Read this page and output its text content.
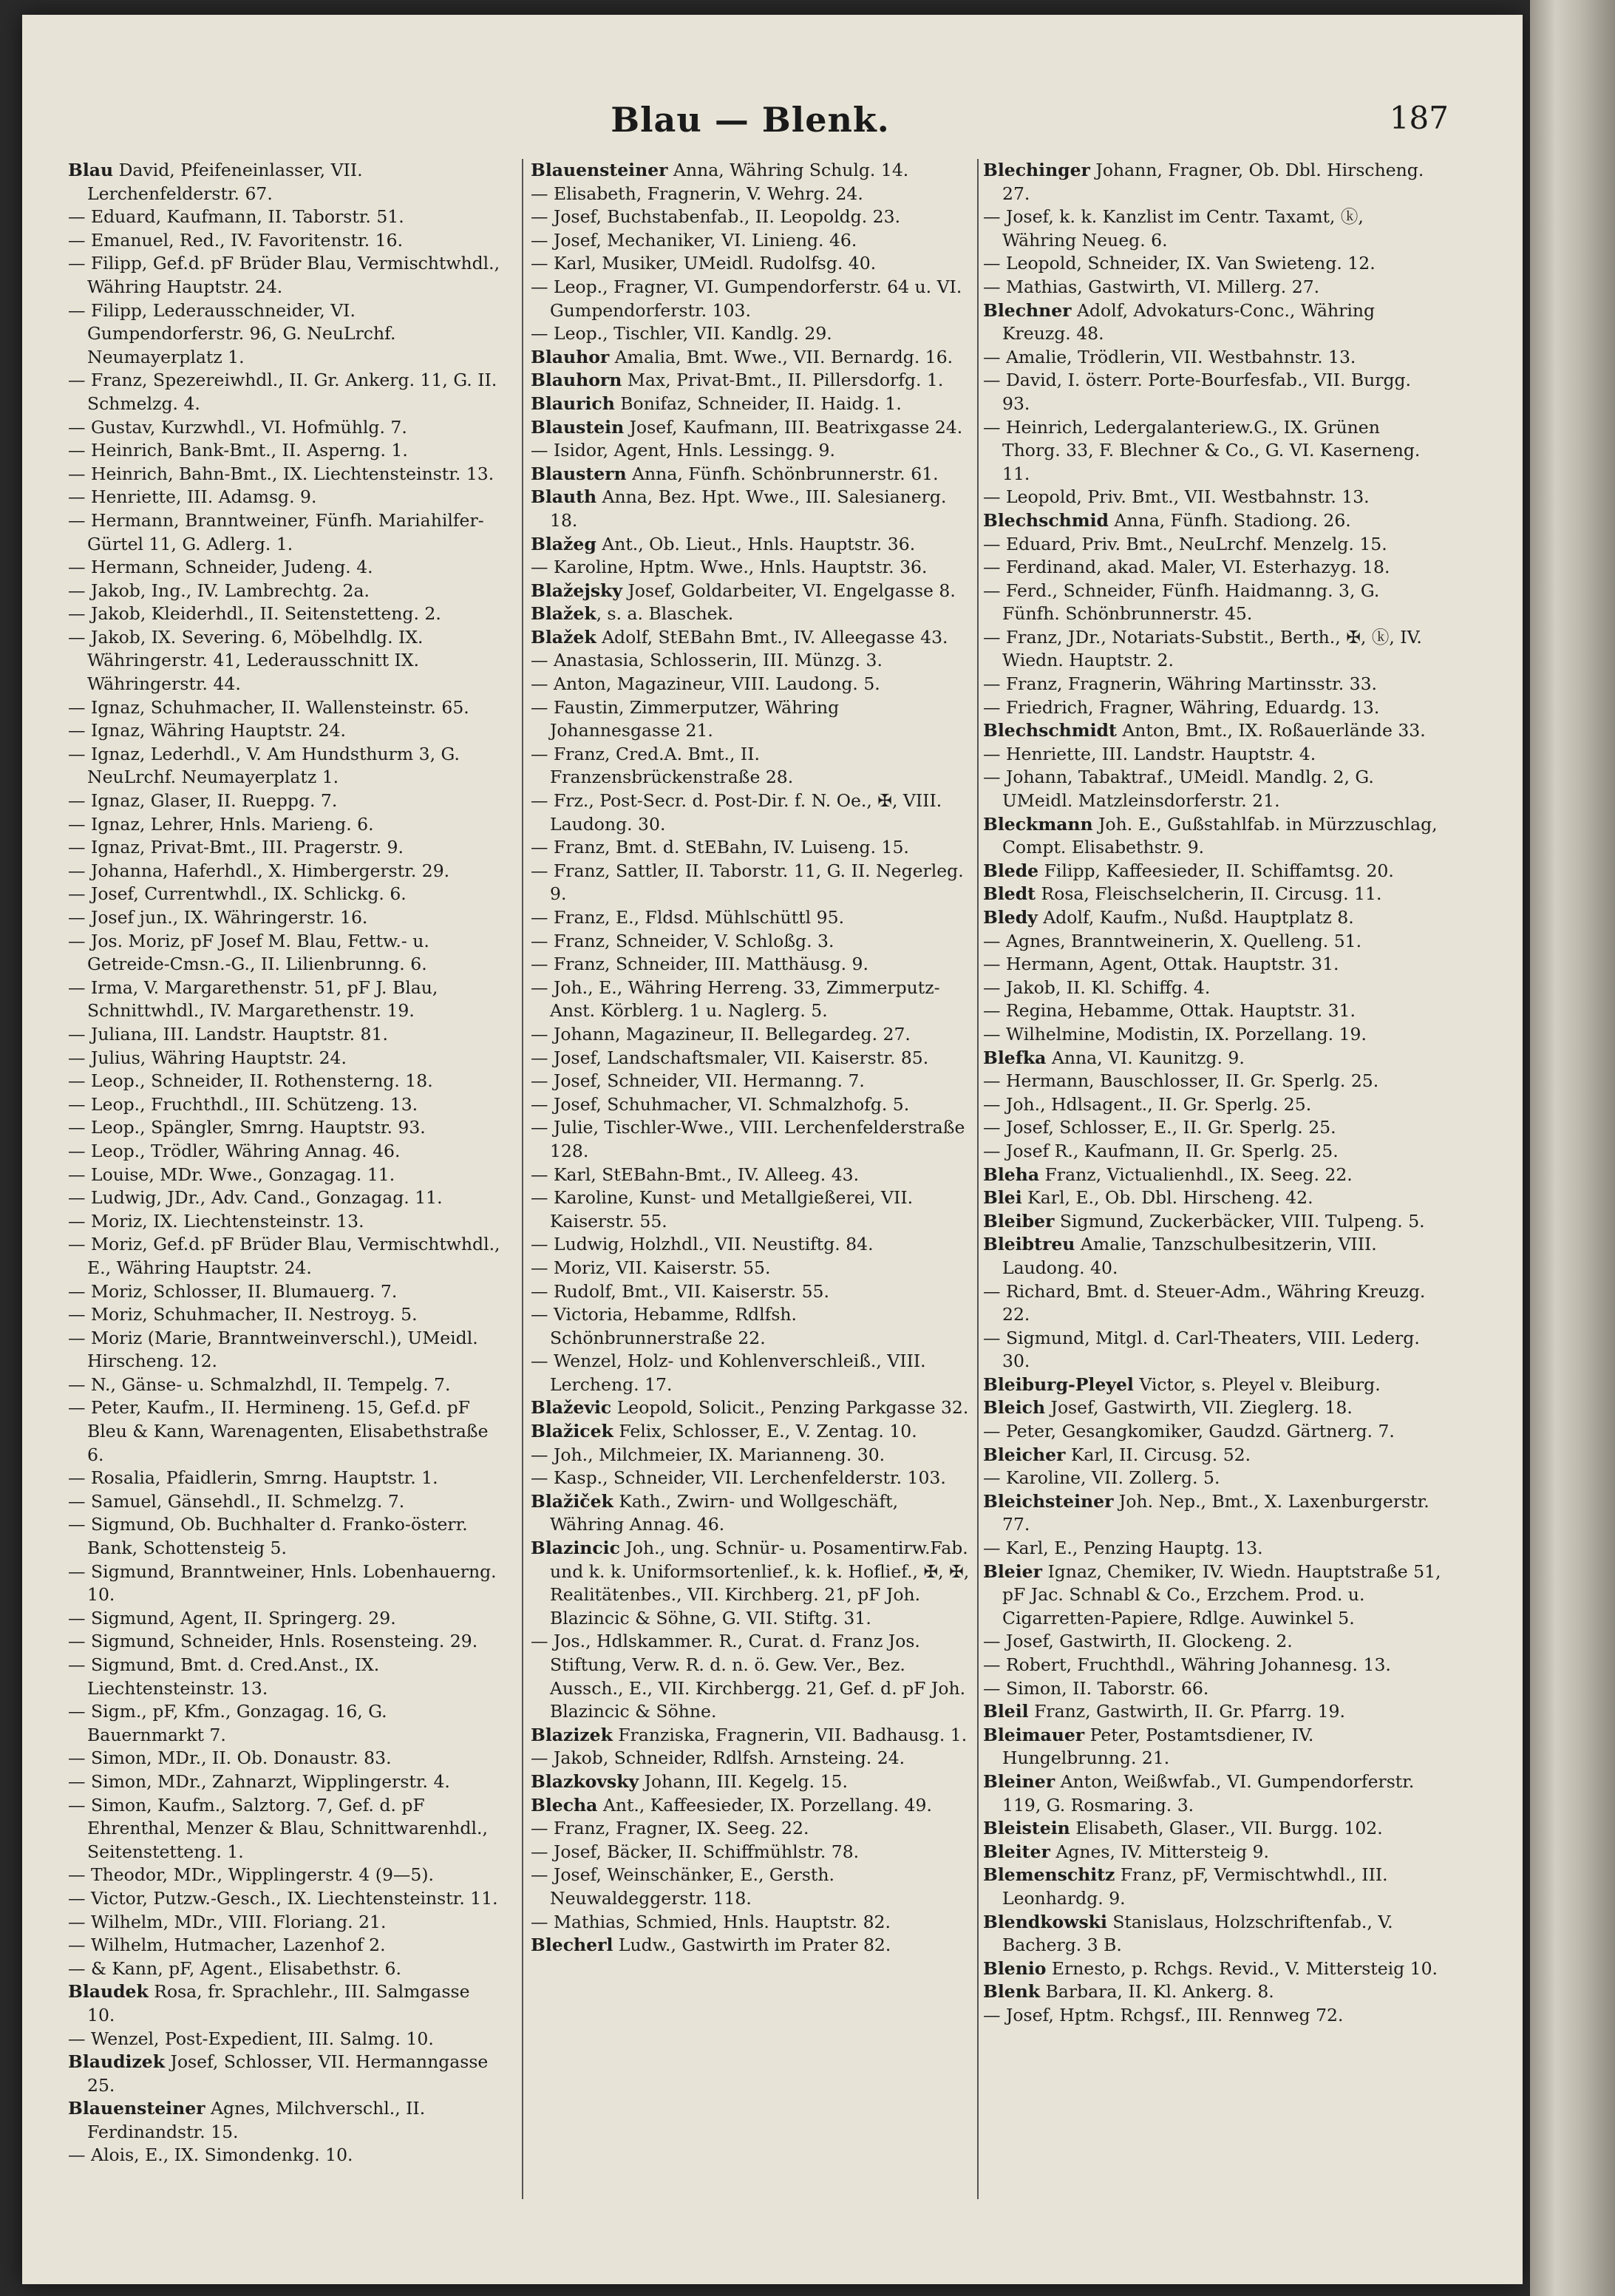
Blau — Blenk.	187

Blau David, Pfeifeneinlasser, VII. Lerchenfelderstr. 67.

— Eduard, Kaufmann, II. Taborstr. 51.

— Emanuel, Red., IV. Favoritenstr. 16.

— Filipp, Gef.d. pF Brüder Blau, Vermischtwhdl., Währing Hauptstr. 24.

— Filipp, Lederausschneider, VI. Gumpendorferstr. 96, G. NeuLrchf. Neumayerplatz 1.

— Franz, Spezereiwhdl., II. Gr. Ankerg. 11, G. II. Schmelzg. 4.

— Gustav, Kurzwhdl., VI. Hofmühlg. 7.

— Heinrich, Bank-Bmt., II. Asperng. 1.

— Heinrich, Bahn-Bmt., IX. Liechtensteinstr. 13.

— Henriette, III. Adamsg. 9.

— Hermann, Branntweiner, Fünfh. Mariahilfer-Gürtel 11, G. Adlerg. 1.

— Hermann, Schneider, Judeng. 4.

— Jakob, Ing., IV. Lambrechtg. 2a.

— Jakob, Kleiderhdl., II. Seitenstetteng. 2.

— Jakob, IX. Severing. 6, Möbelhdlg. IX. Währingerstr. 41, Lederausschnitt IX. Währingerstr. 44.

— Ignaz, Schuhmacher, II. Wallensteinstr. 65.

— Ignaz, Währing Hauptstr. 24.

— Ignaz, Lederhdl., V. Am Hundsthurm 3, G. NeuLrchf. Neumayerplatz 1.

— Ignaz, Glaser, II. Rueppg. 7.

— Ignaz, Lehrer, Hnls. Marieng. 6.

— Ignaz, Privat-Bmt., III. Pragerstr. 9.

— Johanna, Haferhdl., X. Himbergerstr. 29.

— Josef, Currentwhdl., IX. Schlickg. 6.

— Josef jun., IX. Währingerstr. 16.

— Jos. Moriz, pF Josef M. Blau, Fettw.- u. Getreide-Cmsn.-G., II. Lilienbrunng. 6.

— Irma, V. Margarethenstr. 51, pF J. Blau, Schnittwhdl., IV. Margarethenstr. 19.

— Juliana, III. Landstr. Hauptstr. 81.

— Julius, Währing Hauptstr. 24.

— Leop., Schneider, II. Rothensterng. 18.

— Leop., Fruchthdl., III. Schützeng. 13.

— Leop., Spängler, Smrng. Hauptstr. 93.

— Leop., Trödler, Währing Annag. 46.

— Louise, MDr. Wwe., Gonzagag. 11.

— Ludwig, JDr., Adv. Cand., Gonzagag. 11.

— Moriz, IX. Liechtensteinstr. 13.

— Moriz, Gef.d. pF Brüder Blau, Vermischtwhdl., E., Währing Hauptstr. 24.

— Moriz, Schlosser, II. Blumauerg. 7.

— Moriz, Schuhmacher, II. Nestroyg. 5.

— Moriz (Marie, Branntweinverschl.), UMeidl. Hirscheng. 12.

— N., Gänse- u. Schmalzhdl, II. Tempelg. 7.

— Peter, Kaufm., II. Hermineng. 15, Gef.d. pF Bleu & Kann, Warenagenten, Elisabethstraße 6.

— Rosalia, Pfaidlerin, Smrng. Hauptstr. 1.

— Samuel, Gänsehdl., II. Schmelzg. 7.

— Sigmund, Ob. Buchhalter d. Franko-österr. Bank, Schottensteig 5.

— Sigmund, Branntweiner, Hnls. Lobenhauerng. 10.

— Sigmund, Agent, II. Springerg. 29.

— Sigmund, Schneider, Hnls. Rosensteing. 29.

— Sigmund, Bmt. d. Cred.Anst., IX. Liechtensteinstr. 13.

— Sigm., pF, Kfm., Gonzagag. 16, G. Bauernmarkt 7.

— Simon, MDr., II. Ob. Donaustr. 83.

— Simon, MDr., Zahnarzt, Wipplingerstr. 4.

— Simon, Kaufm., Salztorg. 7, Gef. d. pF Ehrenthal, Menzer & Blau, Schnittwarenhdl., Seitenstetteng. 1.

— Theodor, MDr., Wipplingerstr. 4 (9—5).

— Victor, Putzw.-Gesch., IX. Liechtensteinstr. 11.

— Wilhelm, MDr., VIII. Floriang. 21.

— Wilhelm, Hutmacher, Lazenhof 2.

— & Kann, pF, Agent., Elisabethstr. 6.

Blaudek Rosa, fr. Sprachlehr., III. Salmgasse 10.

— Wenzel, Post-Expedient, III. Salmg. 10.

Blaudizek Josef, Schlosser, VII. Hermanngasse 25.

Blauensteiner Agnes, Milchverschl., II. Ferdinandstr. 15.

— Alois, E., IX. Simondenkg. 10.

Blauensteiner Anna, Währing Schulg. 14.

— Elisabeth, Fragnerin, V. Wehrg. 24.

— Josef, Buchstabenfab., II. Leopoldg. 23.

— Josef, Mechaniker, VI. Linieng. 46.

— Karl, Musiker, UMeidl. Rudolfsg. 40.

— Leop., Fragner, VI. Gumpendorferstr. 64 u. VI. Gumpendorferstr. 103.

— Leop., Tischler, VII. Kandlg. 29.

Blauhor Amalia, Bmt. Wwe., VII. Bernardg. 16.

Blauhorn Max, Privat-Bmt., II. Pillersdorfg. 1.

Blaurich Bonifaz, Schneider, II. Haidg. 1.

Blaustein Josef, Kaufmann, III. Beatrixgasse 24.

— Isidor, Agent, Hnls. Lessingg. 9.

Blaustern Anna, Fünfh. Schönbrunnerstr. 61.

Blauth Anna, Bez. Hpt. Wwe., III. Salesianerg. 18.

Blažeg Ant., Ob. Lieut., Hnls. Hauptstr. 36.

— Karoline, Hptm. Wwe., Hnls. Hauptstr. 36.

Blažejsky Josef, Goldarbeiter, VI. Engelgasse 8.

Blažek, s. a. Blaschek.

Blažek Adolf, StEBahn Bmt., IV. Alleegasse 43.

— Anastasia, Schlosserin, III. Münzg. 3.

— Anton, Magazineur, VIII. Laudong. 5.

— Faustin, Zimmerputzer, Währing Johannesgasse 21.

— Franz, Cred.A. Bmt., II. Franzensbrückenstraße 28.

— Frz., Post-Secr. d. Post-Dir. f. N. Oe., ✠, VIII. Laudong. 30.

— Franz, Bmt. d. StEBahn, IV. Luiseng. 15.

— Franz, Sattler, II. Taborstr. 11, G. II. Negerleg. 9.

— Franz, E., Fldsd. Mühlschüttl 95.

— Franz, Schneider, V. Schloßg. 3.

— Franz, Schneider, III. Matthäusg. 9.

— Joh., E., Währing Herreng. 33, Zimmerputz-Anst. Körblerg. 1 u. Naglerg. 5.

— Johann, Magazineur, II. Bellegardeg. 27.

— Josef, Landschaftsmaler, VII. Kaiserstr. 85.

— Josef, Schneider, VII. Hermanng. 7.

— Josef, Schuhmacher, VI. Schmalzhofg. 5.

— Julie, Tischler-Wwe., VIII. Lerchenfelderstraße 128.

— Karl, StEBahn-Bmt., IV. Alleeg. 43.

— Karoline, Kunst- und Metallgießerei, VII. Kaiserstr. 55.

— Ludwig, Holzhdl., VII. Neustiftg. 84.

— Moriz, VII. Kaiserstr. 55.

— Rudolf, Bmt., VII. Kaiserstr. 55.

— Victoria, Hebamme, Rdlfsh. Schönbrunnerstraße 22.

— Wenzel, Holz- und Kohlenverschleiß., VIII. Lercheng. 17.

Blaževic Leopold, Solicit., Penzing Parkgasse 32.

Blažicek Felix, Schlosser, E., V. Zentag. 10.

— Joh., Milchmeier, IX. Marianneng. 30.

— Kasp., Schneider, VII. Lerchenfelderstr. 103.

Blažiček Kath., Zwirn- und Wollgeschäft, Währing Annag. 46.

Blazincic Joh., ung. Schnür- u. Posamentirw.Fab. und k. k. Uniformsortenlief., k. k. Hoflief., ✠, ✠, Realitätenbes., VII. Kirchberg. 21, pF Joh. Blazincic & Söhne, G. VII. Stiftg. 31.

— Jos., Hdlskammer. R., Curat. d. Franz Jos. Stiftung, Verw. R. d. n. ö. Gew. Ver., Bez. Aussch., E., VII. Kirchbergg. 21, Gef. d. pF Joh. Blazincic & Söhne.

Blazizek Franziska, Fragnerin, VII. Badhausg. 1.

— Jakob, Schneider, Rdlfsh. Arnsteing. 24.

Blazkovsky Johann, III. Kegelg. 15.

Blecha Ant., Kaffeesieder, IX. Porzellang. 49.

— Franz, Fragner, IX. Seeg. 22.

— Josef, Bäcker, II. Schiffmühlstr. 78.

— Josef, Weinschänker, E., Gersth. Neuwaldeggerstr. 118.

— Mathias, Schmied, Hnls. Hauptstr. 82.

Blecherl Ludw., Gastwirth im Prater 82.

Blechinger Johann, Fragner, Ob. Dbl. Hirscheng. 27.

— Josef, k. k. Kanzlist im Centr. Taxamt, ⓚ, Währing Neueg. 6.

— Leopold, Schneider, IX. Van Swieteng. 12.

— Mathias, Gastwirth, VI. Millerg. 27.

Blechner Adolf, Advokaturs-Conc., Währing Kreuzg. 48.

— Amalie, Trödlerin, VII. Westbahnstr. 13.

— David, I. österr. Porte-Bourfesfab., VII. Burgg. 93.

— Heinrich, Ledergalanteriew.G., IX. Grünen Thorg. 33, F. Blechner & Co., G. VI. Kaserneng. 11.

— Leopold, Priv. Bmt., VII. Westbahnstr. 13.

Blechschmid Anna, Fünfh. Stadiong. 26.

— Eduard, Priv. Bmt., NeuLrchf. Menzelg. 15.

— Ferdinand, akad. Maler, VI. Esterhazyg. 18.

— Ferd., Schneider, Fünfh. Haidmanng. 3, G. Fünfh. Schönbrunnerstr. 45.

— Franz, JDr., Notariats-Substit., Berth., ✠, ⓚ, IV. Wiedn. Hauptstr. 2.

— Franz, Fragnerin, Währing Martinsstr. 33.

— Friedrich, Fragner, Währing, Eduardg. 13.

Blechschmidt Anton, Bmt., IX. Roßauerlände 33.

— Henriette, III. Landstr. Hauptstr. 4.

— Johann, Tabaktraf., UMeidl. Mandlg. 2, G. UMeidl. Matzleinsdorferstr. 21.

Bleckmann Joh. E., Gußstahlfab. in Mürzzuschlag, Compt. Elisabethstr. 9.

Blede Filipp, Kaffeesieder, II. Schiffamtsg. 20.

Bledt Rosa, Fleischselcherin, II. Circusg. 11.

Bledy Adolf, Kaufm., Nußd. Hauptplatz 8.

— Agnes, Branntweinerin, X. Quelleng. 51.

— Hermann, Agent, Ottak. Hauptstr. 31.

— Jakob, II. Kl. Schiffg. 4.

— Regina, Hebamme, Ottak. Hauptstr. 31.

— Wilhelmine, Modistin, IX. Porzellang. 19.

Blefka Anna, VI. Kaunitzg. 9.

— Hermann, Bauschlosser, II. Gr. Sperlg. 25.

— Joh., Hdlsagent., II. Gr. Sperlg. 25.

— Josef, Schlosser, E., II. Gr. Sperlg. 25.

— Josef R., Kaufmann, II. Gr. Sperlg. 25.

Bleha Franz, Victualienhdl., IX. Seeg. 22.

Blei Karl, E., Ob. Dbl. Hirscheng. 42.

Bleiber Sigmund, Zuckerbäcker, VIII. Tulpeng. 5.

Bleibtreu Amalie, Tanzschulbesitzerin, VIII. Laudong. 40.

— Richard, Bmt. d. Steuer-Adm., Währing Kreuzg. 22.

— Sigmund, Mitgl. d. Carl-Theaters, VIII. Lederg. 30.

Bleiburg-Pleyel Victor, s. Pleyel v. Bleiburg.

Bleich Josef, Gastwirth, VII. Zieglerg. 18.

— Peter, Gesangkomiker, Gaudzd. Gärtnerg. 7.

Bleicher Karl, II. Circusg. 52.

— Karoline, VII. Zollerg. 5.

Bleichsteiner Joh. Nep., Bmt., X. Laxenburgerstr. 77.

— Karl, E., Penzing Hauptg. 13.

Bleier Ignaz, Chemiker, IV. Wiedn. Hauptstraße 51, pF Jac. Schnabl & Co., Erzchem. Prod. u. Cigarretten-Papiere, Rdlge. Auwinkel 5.

— Josef, Gastwirth, II. Glockeng. 2.

— Robert, Fruchthdl., Währing Johannesg. 13.

— Simon, II. Taborstr. 66.

Bleil Franz, Gastwirth, II. Gr. Pfarrg. 19.

Bleimauer Peter, Postamtsdiener, IV. Hungelbrunng. 21.

Bleiner Anton, Weißwfab., VI. Gumpendorferstr. 119, G. Rosmaring. 3.

Bleistein Elisabeth, Glaser., VII. Burgg. 102.

Bleiter Agnes, IV. Mittersteig 9.

Blemenschitz Franz, pF, Vermischtwhdl., III. Leonhardg. 9.

Blendkowski Stanislaus, Holzschriftenfab., V. Bacherg. 3 B.

Blenio Ernesto, p. Rchgs. Revid., V. Mittersteig 10.

Blenk Barbara, II. Kl. Ankerg. 8.

— Josef, Hptm. Rchgsf., III. Rennweg 72.
